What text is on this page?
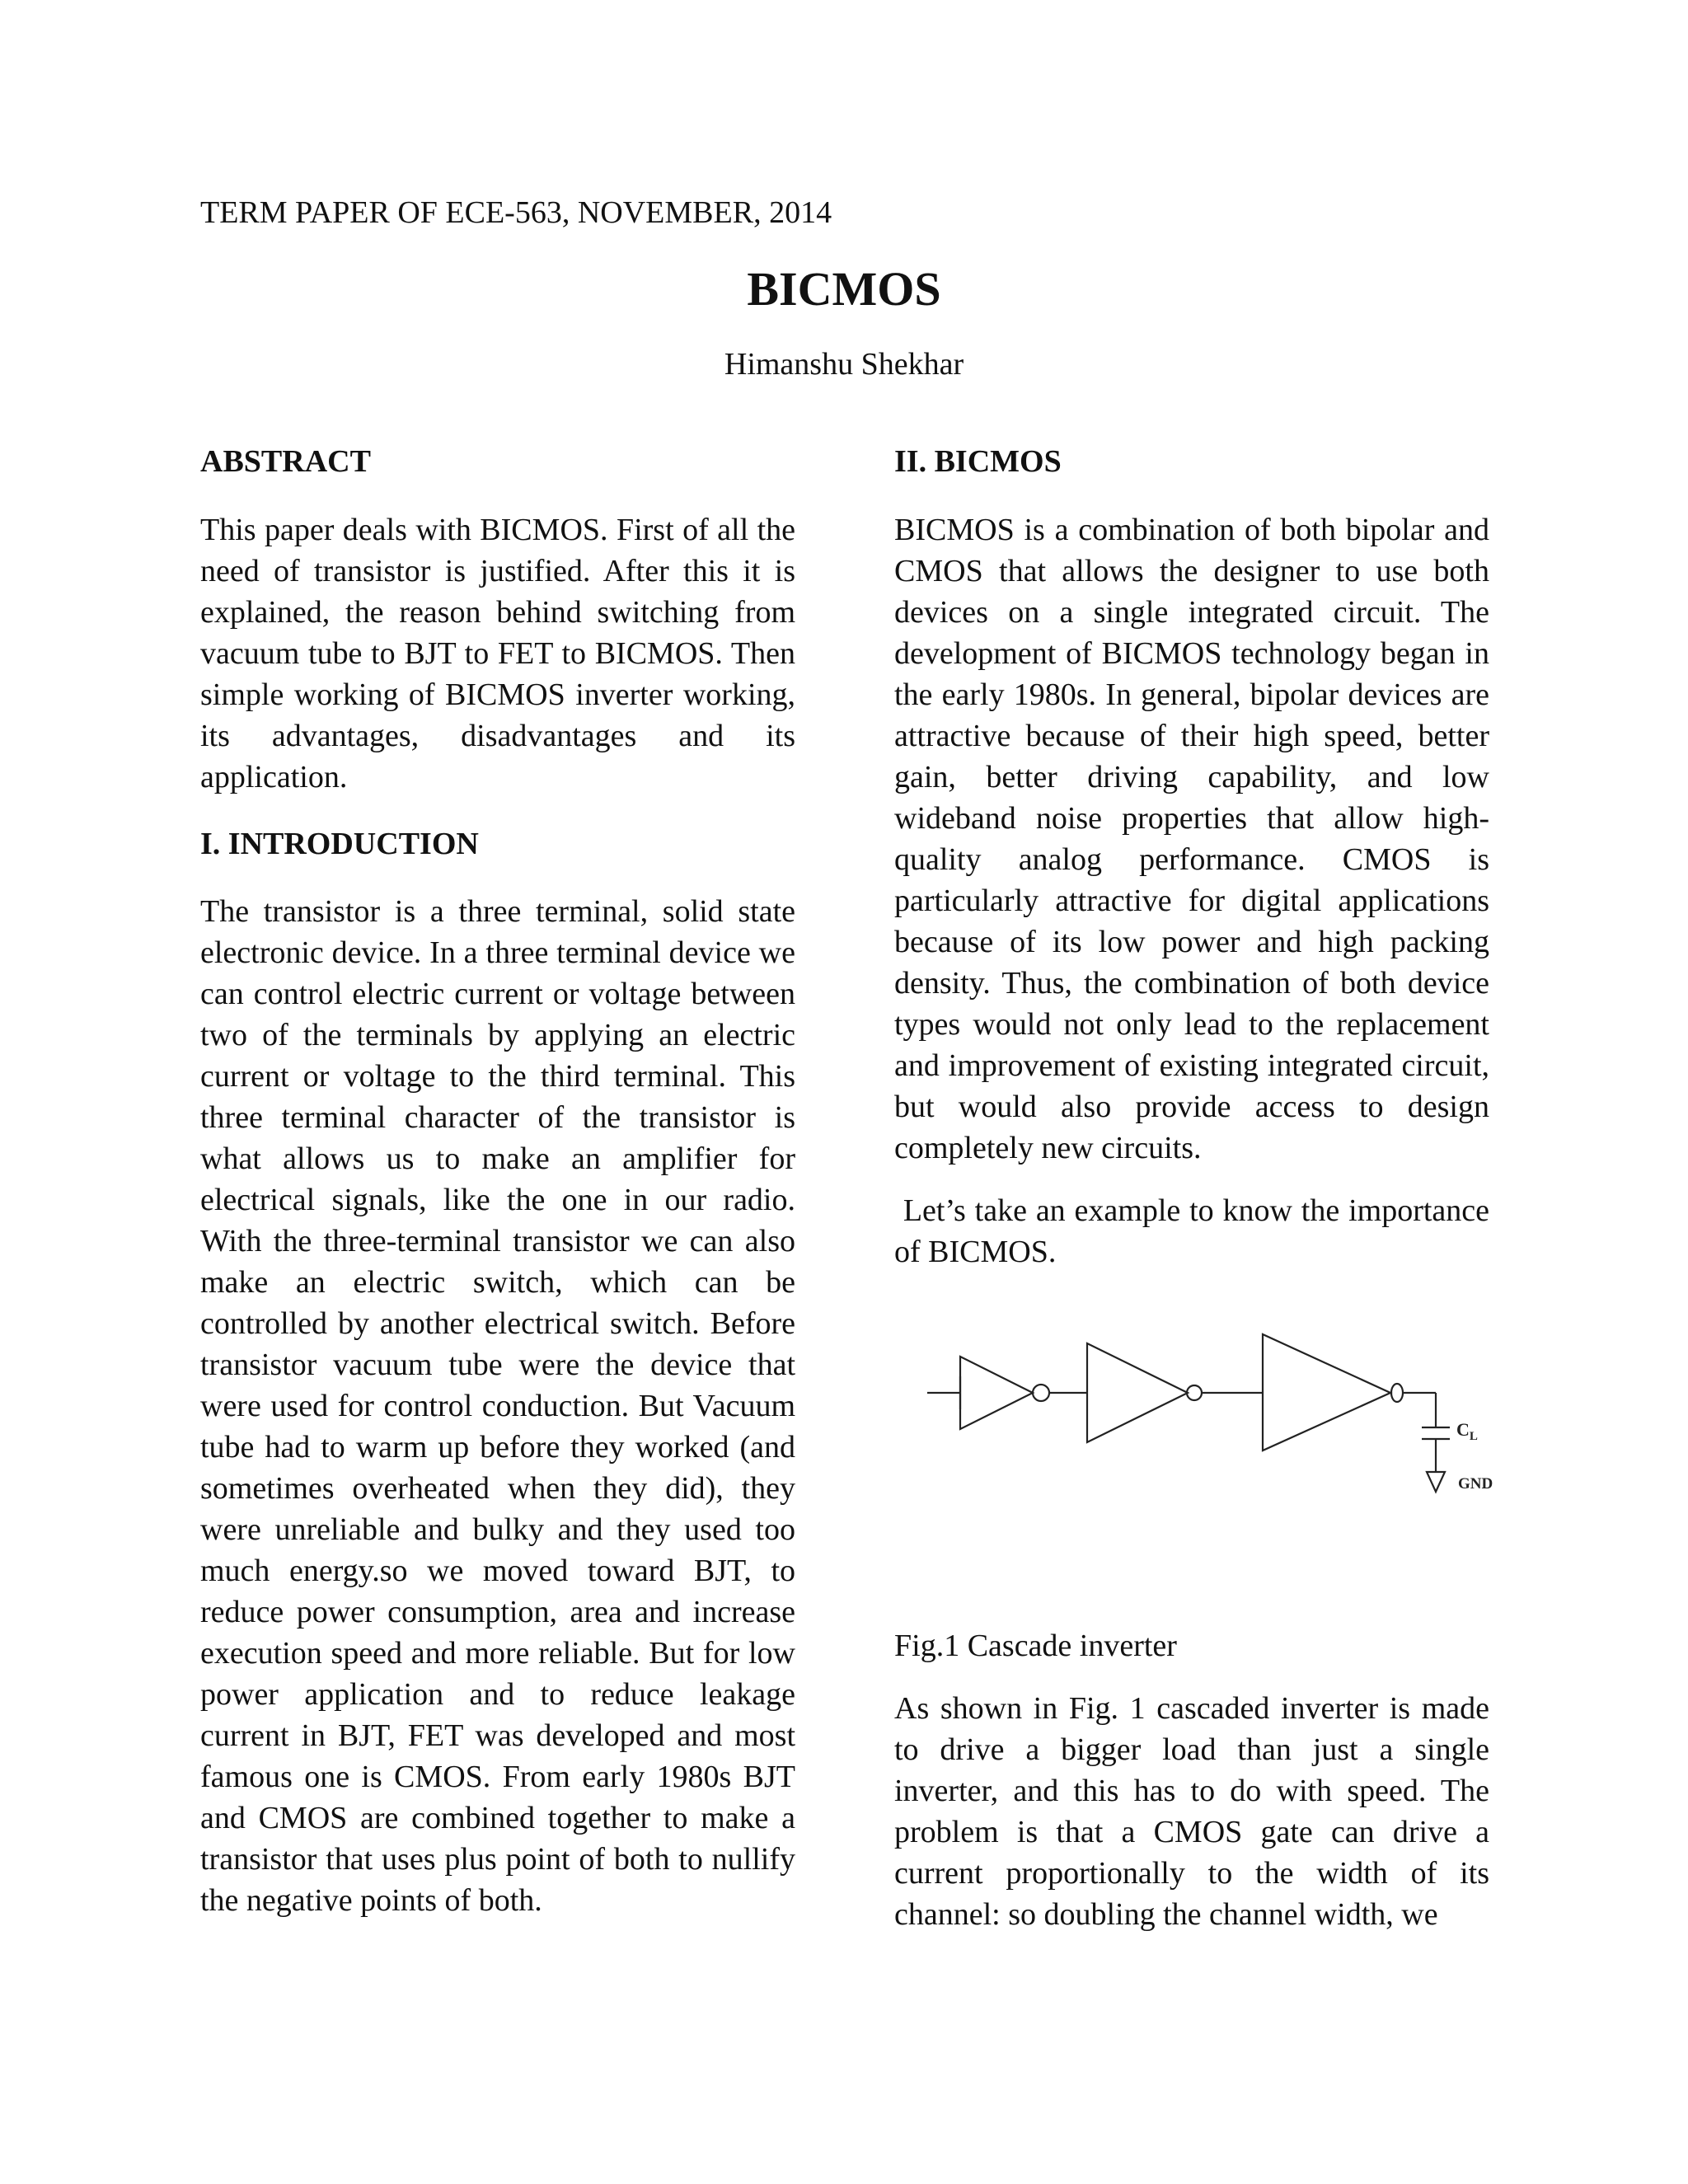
TERM PAPER OF ECE-563, NOVEMBER, 2014
BICMOS
Himanshu Shekhar
ABSTRACT

This paper deals with BICMOS. First of all the need of transistor is justified. After this it is explained, the reason behind switching from vacuum tube to BJT to FET to BICMOS. Then simple working of BICMOS inverter working, its advantages, disadvantages and its application.

I. INTRODUCTION

The transistor is a three terminal, solid state electronic device. In a three terminal device we can control electric current or voltage between two of the terminals by applying an electric current or voltage to the third terminal. This three terminal character of the transistor is what allows us to make an amplifier for electrical signals, like the one in our radio. With the three-terminal transistor we can also make an electric switch, which can be controlled by another electrical switch. Before transistor vacuum tube were the device that were used for control conduction. But Vacuum tube had to warm up before they worked (and sometimes overheated when they did), they were unreliable and bulky and they used too much energy.so we moved toward BJT, to reduce power consumption, area and increase execution speed and more reliable. But for low power application and to reduce leakage current in BJT, FET was developed and most famous one is CMOS. From early 1980s BJT and CMOS are combined together to make a transistor that uses plus point of both to nullify the negative points of both.

II. BICMOS

BICMOS is a combination of both bipolar and CMOS that allows the designer to use both devices on a single integrated circuit. The development of BICMOS technology began in the early 1980s. In general, bipolar devices are attractive because of their high speed, better gain, better driving capability, and low wideband noise properties that allow high-quality analog performance. CMOS is particularly attractive for digital applications because of its low power and high packing density. Thus, the combination of both device types would not only lead to the replacement and improvement of existing integrated circuit, but would also provide access to design completely new circuits.

Let’s take an example to know the importance of BICMOS.

$C_L$
GND

Fig.1 Cascade inverter

As shown in Fig. 1 cascaded inverter is made to drive a bigger load than just a single inverter, and this has to do with speed. The problem is that a CMOS gate can drive a current proportionally to the width of its channel: so doubling the channel width, we
